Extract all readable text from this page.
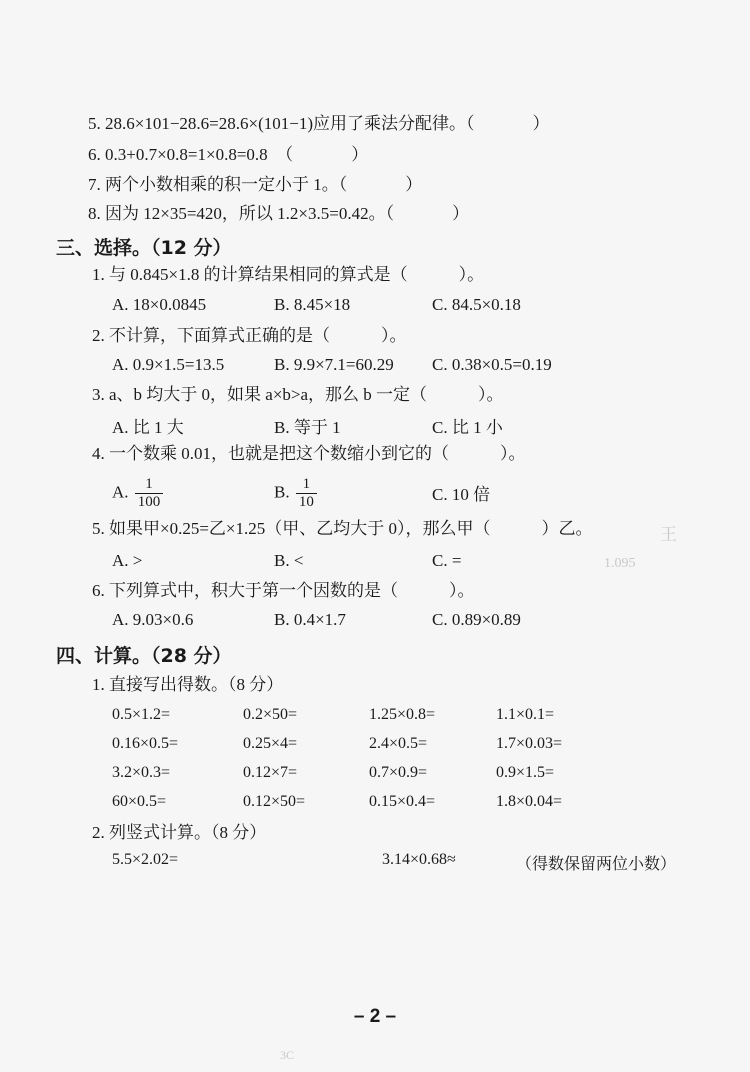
王
1.095
3C
5. 28.6×101−28.6=28.6×(101−1)应用了乘法分配律。（	）
6. 0.3+0.7×0.8=1×0.8=0.8　（	）
7. 两个小数相乘的积一定小于 1。（	）
8. 因为 12×35=420，所以 1.2×3.5=0.42。（	）
三、选择。（12 分）
1. 与 0.845×1.8 的计算结果相同的算式是（　　　）。
A. 18×0.0845	B. 8.45×18	C. 84.5×0.18
2. 不计算，下面算式正确的是（　　　）。
A. 0.9×1.5=13.5	B. 9.9×7.1=60.29 C. 0.38×0.5=0.19
3. a、b 均大于 0，如果 a×b>a，那么 b 一定（　　　）。
A. 比 1 大	B. 等于 1	C. 比 1 小
4. 一个数乘 0.01，也就是把这个数缩小到它的（　　　）。
A. $\frac{1}{100}$	B. $\frac{1}{10}$	C. 10 倍
5. 如果甲×0.25=乙×1.25（甲、乙均大于 0），那么甲（　　　）乙。
A. >	B. <	C. =
6. 下列算式中，积大于第一个因数的是（　　　）。
A. 9.03×0.6	B. 0.4×1.7	C. 0.89×0.89
四、计算。（28 分）
1. 直接写出得数。（8 分）
0.5×1.2=	0.2×50=	1.25×0.8=	1.1×0.1=
0.16×0.5=	0.25×4=	2.4×0.5=	1.7×0.03=
3.2×0.3=	0.12×7=	0.7×0.9=	0.9×1.5=
60×0.5=	0.12×50=	0.15×0.4=	1.8×0.04=
2. 列竖式计算。（8 分）
5.5×2.02=	3.14×0.68≈	（得数保留两位小数）
– 2 –
